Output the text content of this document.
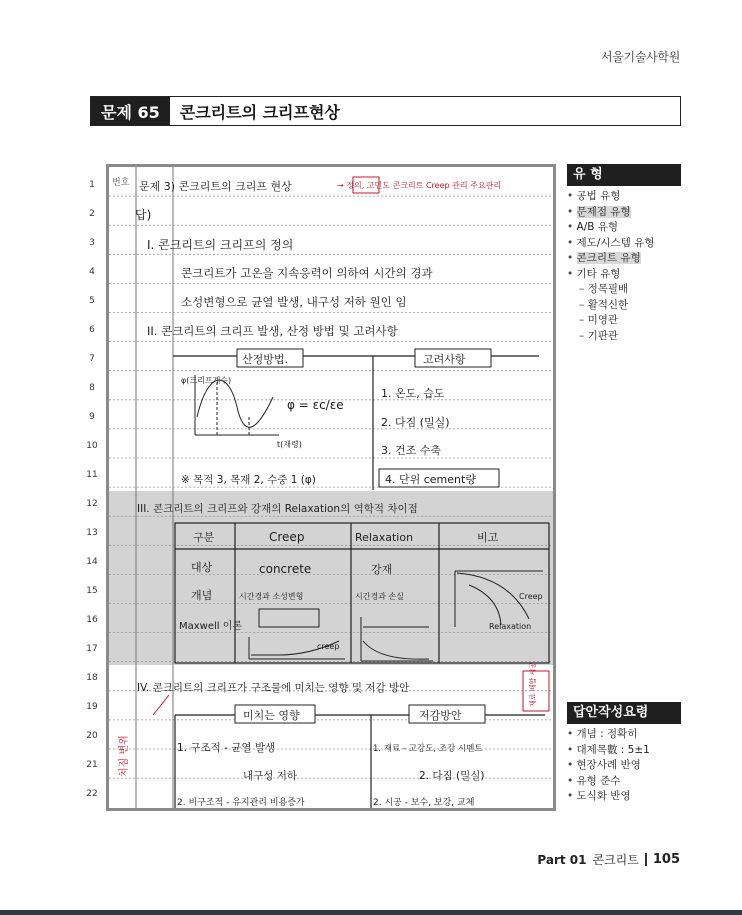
서울기술사학원
문제 65	콘크리트의 크리프현상
1
2
3
4
5
6
7
8
9
10
11
12
13
14
15
16
17
18
19
20
21
22
번호 문제 3) 콘크리트의 크리프 현상	→ 정의, 고민도 콘크리트 Creep 관리 주요관리
답)
I. 콘크리트의 크리프의 정의
콘크리트가 고온을 지속응력이 의하여 시간의 경과
소성변형으로 균열 발생, 내구성 저하 원인 임
II. 콘크리트의 크리프 발생, 산정 방법 및 고려사항
산정방법.	고려사항
φ(크리프계수)
φ = εc/εe
1. 온도, 습도
2. 다짐 (밀실)
3. 건조 수축
t(재령)
※ 목적 3, 목재 2, 수중 1 (φ)	4. 단위 cement량
III. 콘크리트의 크리프와 강재의 Relaxation의 역학적 차이점
구분	Creep	Relaxation	비고
대상	concrete	강재
개념	시간경과 소성변형	시간경과 손실	Creep
Maxwell 이론	Relaxation
creep
IV. 콘크리트의 크리프가 구조물에 미치는 영향 및 저감 방안	재료 배합 시공
미치는 영향	저감방안
1. 구조적 - 균열 발생	1. 재료 - 고강도, 조강 시멘트
내구성 저하	2. 다짐 (밀실)
2. 비구조적 - 유지관리 비용증가	2. 시공 - 보수, 보강, 교체
처짐 변위
유 형
• 공법 유형
• 문제점 유형
• A/B 유형
• 제도/시스템 유형
• 콘크리트 유형
• 기타 유형
– 정목필배
– 활적신한
– 미영관
– 기판관
답안작성요령
• 개념 : 정확히
• 대제목數 : 5±1
• 현장사례 반영
• 유형 준수
• 도식화 반영
Part 01 콘크리트 105
